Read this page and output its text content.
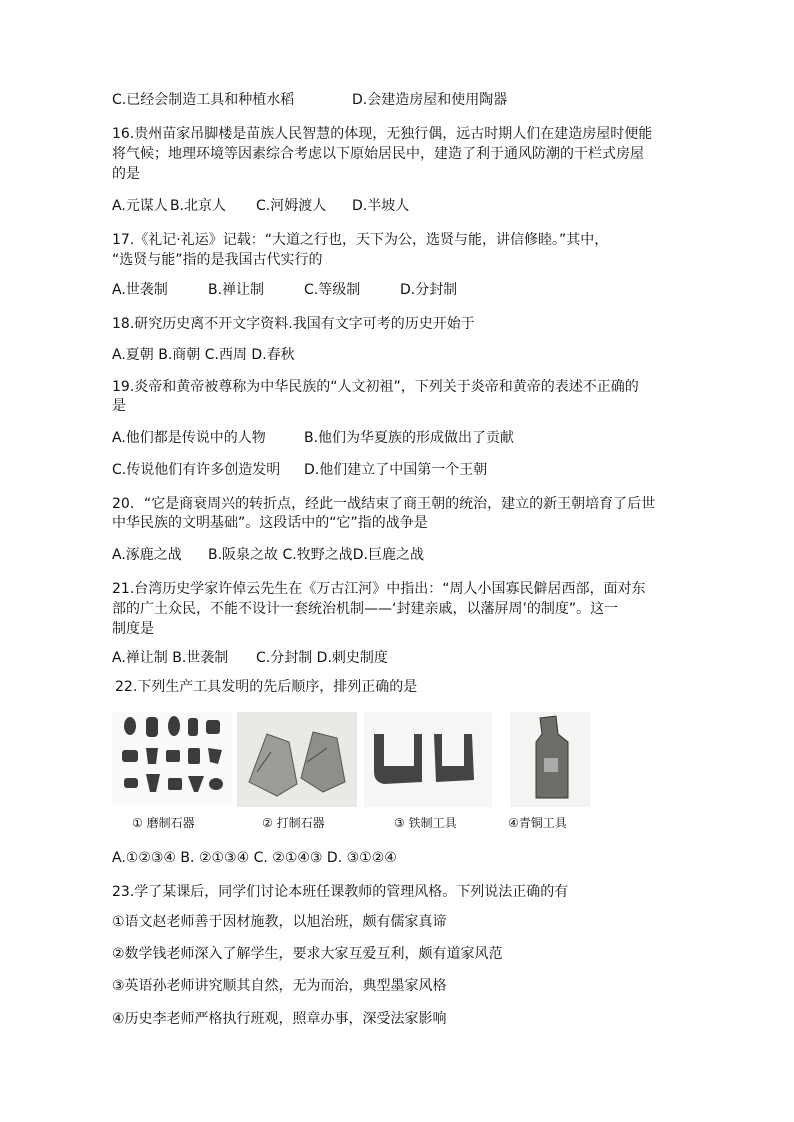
C.已经会制造工具和种植水稻	D.会建造房屋和使用陶器
16.贵州苗家吊脚楼是苗族人民智慧的体现，无独行偶，远古时期人们在建造房屋时便能
将气候；地理环境等因素综合考虑以下原始居民中，建造了利于通风防潮的干栏式房屋
的是
A.元谋人 B.北京人 C.河姆渡人 D.半坡人
17.《礼记·礼运》记载：“大道之行也，天下为公，选贤与能，讲信修睦。”其中，
“选贤与能”指的是我国古代实行的
A.世袭制	B.禅让制	C.等级制	D.分封制
18.研究历史离不开文字资料.我国有文字可考的历史开始于
A.夏朝 B.商朝 C.西周 D.春秋
19.炎帝和黄帝被尊称为中华民族的“人文初祖”，下列关于炎帝和黄帝的表述不正确的
是
A.他们都是传说中的人物	B.他们为华夏族的形成做出了贡献
C.传说他们有许多创造发明 D.他们建立了中国第一个王朝
20．“它是商衰周兴的转折点，经此一战结束了商王朝的统治，建立的新王朝培育了后世
中华民族的文明基础”。这段话中的“它”指的战争是
A.涿鹿之战 B.阪泉之故 C.牧野之战D.巨鹿之战
21.台湾历史学家许倬云先生在《万古江河》中指出：“周人小国寡民僻居西部，面对东
部的广土众民，不能不设计一套统治机制——‘封建亲戚，以藩屏周’的制度”。这一
制度是
A.禅让制 B.世袭制 C.分封制 D.刺史制度
22.下列生产工具发明的先后顺序，排列正确的是
① 磨制石器	② 打制石器	③ 铁制工具	④青铜工具
A.①②③④ B. ②①③④ C. ②①④③ D. ③①②④
23.学了某课后，同学们讨论本班任课教师的管理风格。下列说法正确的有
①语文赵老师善于因材施教，以旭治班，颇有儒家真谛
②数学钱老师深入了解学生，要求大家互爱互利，颇有道家风范
③英语孙老师讲究顺其自然，无为而治，典型墨家风格
④历史李老师严格执行班观，照章办事，深受法家影响
